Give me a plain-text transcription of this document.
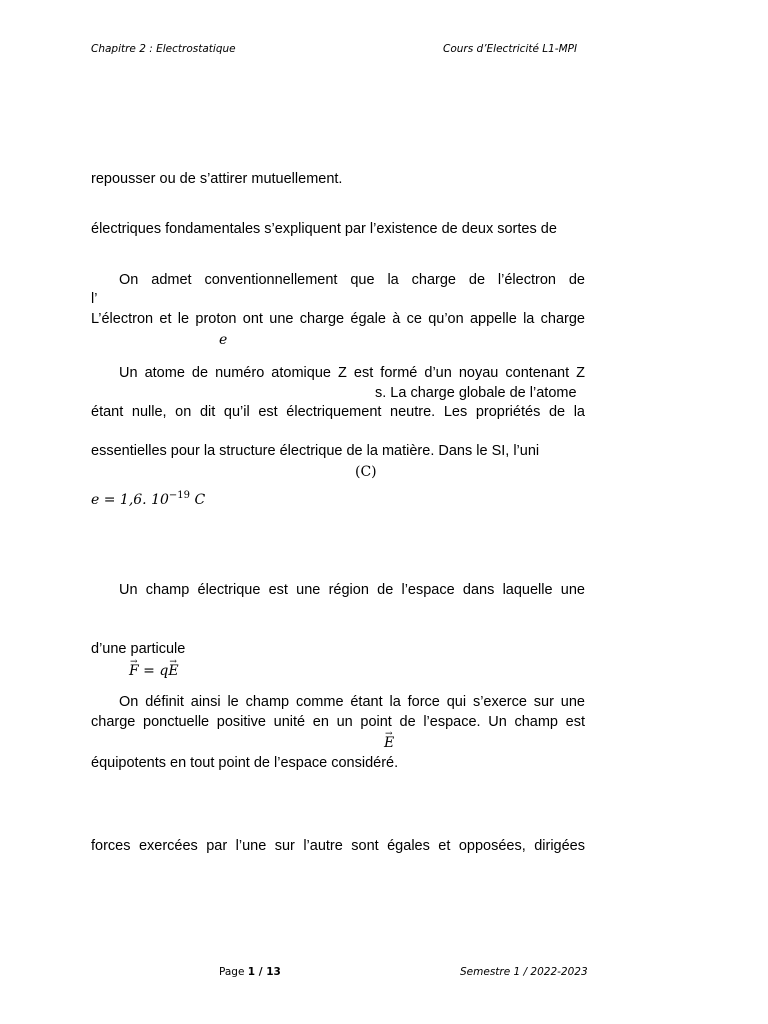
Chapitre 2 : Electrostatique	Cours d’Electricité L1-MPI
repousser ou de s’attirer mutuellement.
électriques fondamentales s’expliquent par l’existence de deux sortes de
On admet conventionnellement que la charge de l’électron de
l’
L’électron et le proton ont une charge égale à ce qu’on appelle la charge
e
Un atome de numéro atomique Z est formé d’un noyau contenant Z
s. La charge globale de l’atome
étant nulle, on dit qu’il est électriquement neutre. Les propriétés de la
essentielles pour la structure électrique de la matière. Dans le SI, l’uni
(C)
e = 1,6. $10^{-19}$ C
Un champ électrique est une région de l’espace dans laquelle une
d’une particule
→ F = q→ E
On définit ainsi le champ comme étant la force qui s’exerce sur une
charge ponctuelle positive unité en un point de l’espace. Un champ est
→ E
équipotents en tout point de l’espace considéré.
forces exercées par l’une sur l’autre sont égales et opposées, dirigées
Page 1 / 13	Semestre 1 / 2022-2023
